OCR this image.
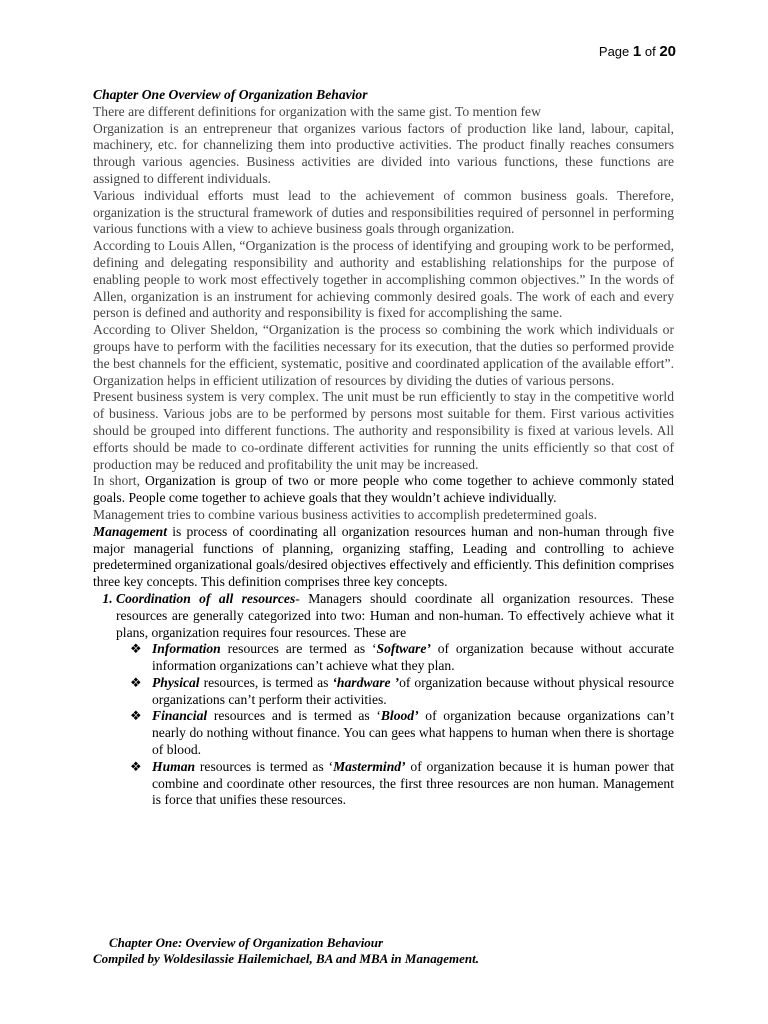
Page 1 of 20

Chapter One Overview of Organization Behavior

There are different definitions for organization with the same gist. To mention few

Organization is an entrepreneur that organizes various factors of production like land, labour, capital, machinery, etc. for channelizing them into productive activities. The product finally reaches consumers through various agencies. Business activities are divided into various functions, these functions are assigned to different individuals.

Various individual efforts must lead to the achievement of common business goals. Therefore, organization is the structural framework of duties and responsibilities required of personnel in performing various functions with a view to achieve business goals through organization.

According to Louis Allen, “Organization is the process of identifying and grouping work to be performed, defining and delegating responsibility and authority and establishing relationships for the purpose of enabling people to work most effectively together in accomplishing common objectives.” In the words of Allen, organization is an instrument for achieving commonly desired goals. The work of each and every person is defined and authority and responsibility is fixed for accomplishing the same.

According to Oliver Sheldon, “Organization is the process so combining the work which individuals or groups have to perform with the facilities necessary for its execution, that the duties so performed provide the best channels for the efficient, systematic, positive and coordinated application of the available effort”. Organization helps in efficient utilization of resources by dividing the duties of various persons.

Present business system is very complex. The unit must be run efficiently to stay in the competitive world of business. Various jobs are to be performed by persons most suitable for them. First various activities should be grouped into different functions. The authority and responsibility is fixed at various levels. All efforts should be made to co-ordinate different activities for running the units efficiently so that cost of production may be reduced and profitability the unit may be increased.

In short, Organization is group of two or more people who come together to achieve commonly stated goals. People come together to achieve goals that they wouldn’t achieve individually.

Management tries to combine various business activities to accomplish predetermined goals.

Management is process of coordinating all organization resources human and non-human through five major managerial functions of planning, organizing staffing, Leading and controlling to achieve predetermined organizational goals/desired objectives effectively and efficiently. This definition comprises three key concepts. This definition comprises three key concepts.

1. Coordination of all resources- Managers should coordinate all organization resources. These resources are generally categorized into two: Human and non-human. To effectively achieve what it plans, organization requires four resources. These are
❖ Information resources are termed as ‘Software’ of organization because without accurate information organizations can’t achieve what they plan.
❖ Physical resources, is termed as ‘hardware ’of organization because without physical resource organizations can’t perform their activities.
❖ Financial resources and is termed as ‘Blood’ of organization because organizations can’t nearly do nothing without finance. You can gees what happens to human when there is shortage of blood.
❖ Human resources is termed as ‘Mastermind’ of organization because it is human power that combine and coordinate other resources, the first three resources are non human. Management is force that unifies these resources.
Chapter One: Overview of Organization Behaviour
Compiled by Woldesilassie Hailemichael, BA and MBA in Management.
